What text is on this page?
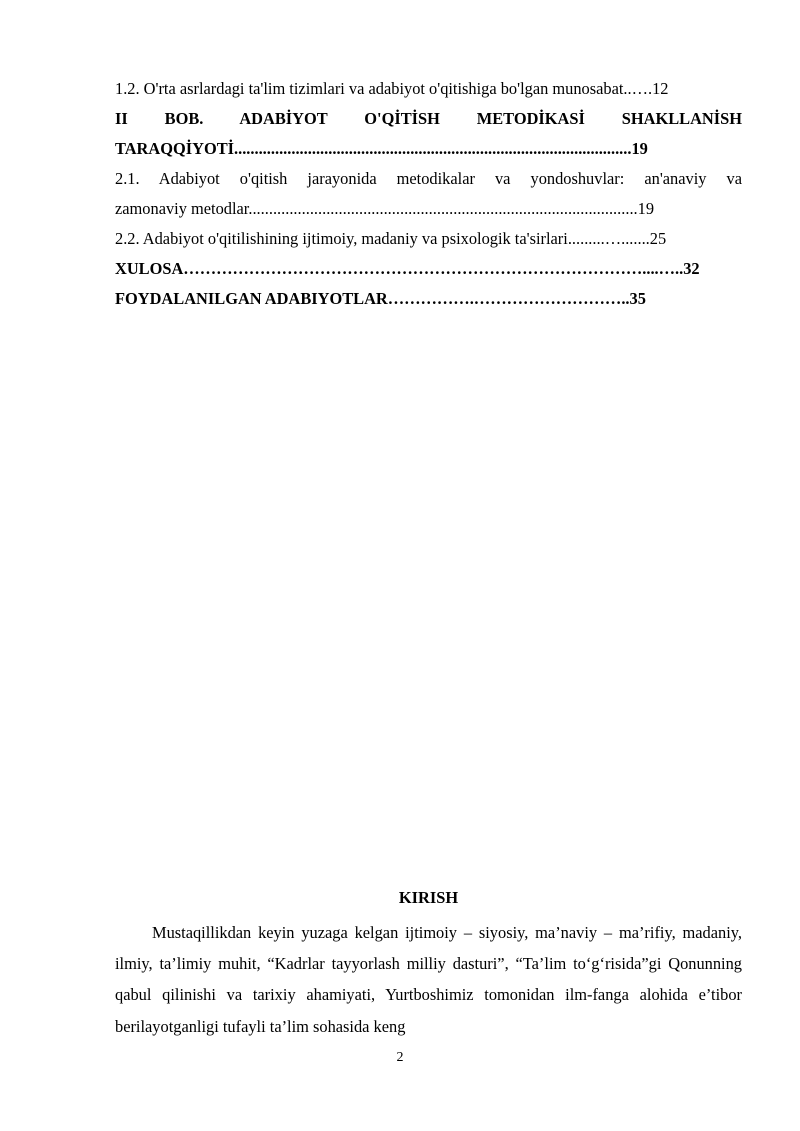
1.2. O'rta asrlardagi ta'lim tizimlari va adabiyot o'qitishiga bo'lgan munosabat..….12
II BOB. ADABİYOT O'QİTİSH METODİKASİ SHAKLLANİSH
TARAQQİYOTİ.................................................................................................19
2.1. Adabiyot o'qitish jarayonida metodikalar va yondoshuvlar: an'anaviy va
zamonaviy metodlar...............................................................................................19
2.2. Adabiyot o'qitilishining ijtimoiy, madaniy va psixologik ta'sirlari.........….......25
XULOSA…………………………………………………………………………....…..32
FOYDALANILGAN ADABIYOTLAR…………….………………………..35
KIRISH

Mustaqillikdan keyin yuzaga kelgan ijtimoiy – siyosiy, ma’naviy – ma’rifiy, madaniy, ilmiy, ta’limiy muhit, “Kadrlar tayyorlash milliy dasturi”, “Ta’lim to‘g‘risida”gi Qonunning qabul qilinishi va tarixiy ahamiyati, Yurtboshimiz tomonidan ilm-fanga alohida e’tibor berilayotganligi tufayli ta’lim sohasida keng

2
